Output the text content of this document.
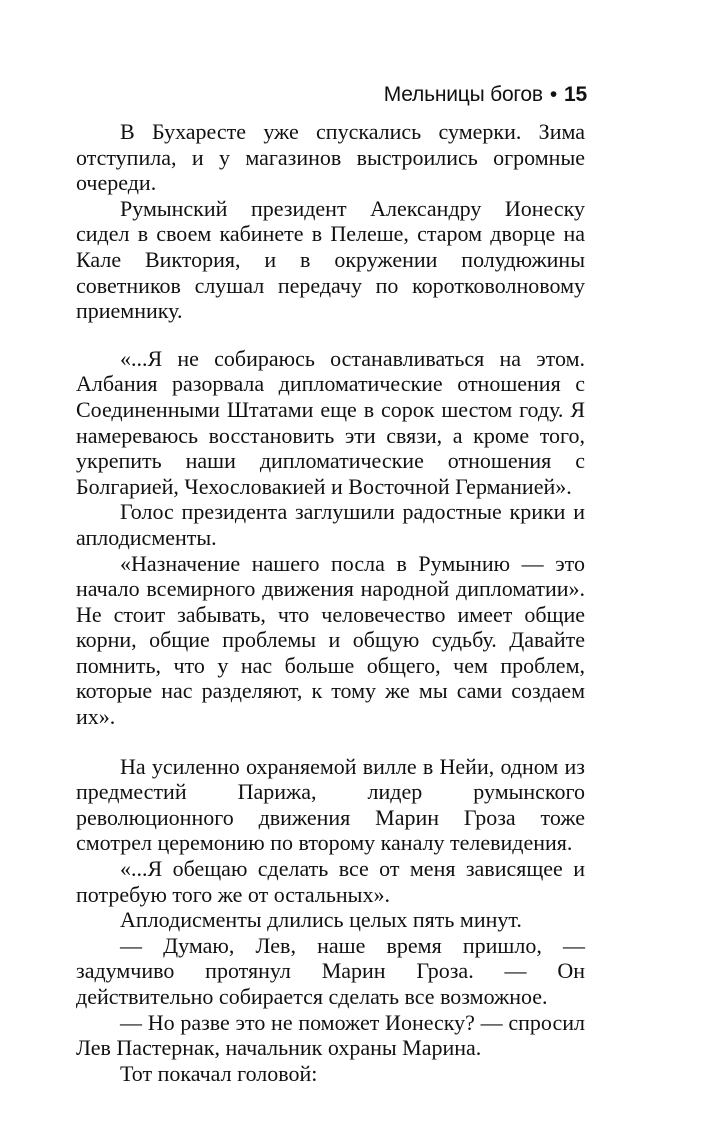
Мельницы богов • 15

В Бухаресте уже спускались сумерки. Зима отступила, и у магазинов выстроились огромные очереди.

Румынский президент Александру Ионеску сидел в своем кабинете в Пелеше, старом дворце на Кале Виктория, и в окружении полудюжины советников слушал передачу по коротковолновому приемнику.

«...Я не собираюсь останавливаться на этом. Албания разорвала дипломатические отношения с Соединенными Штатами еще в сорок шестом году. Я намереваюсь восстановить эти связи, а кроме того, укрепить наши дипломатические отношения с Болгарией, Чехословакией и Восточной Германией».

Голос президента заглушили радостные крики и аплодисменты.

«Назначение нашего посла в Румынию — это начало всемирного движения народной дипломатии». Не стоит забывать, что человечество имеет общие корни, общие проблемы и общую судьбу. Давайте помнить, что у нас больше общего, чем проблем, которые нас разделяют, к тому же мы сами создаем их».

На усиленно охраняемой вилле в Нейи, одном из предместий Парижа, лидер румынского революционного движения Марин Гроза тоже смотрел церемонию по второму каналу телевидения.

«...Я обещаю сделать все от меня зависящее и потребую того же от остальных».

Аплодисменты длились целых пять минут.

— Думаю, Лев, наше время пришло, — задумчиво протянул Марин Гроза. — Он действительно собирается сделать все возможное.

— Но разве это не поможет Ионеску? — спросил Лев Пастернак, начальник охраны Марина.

Тот покачал головой:
